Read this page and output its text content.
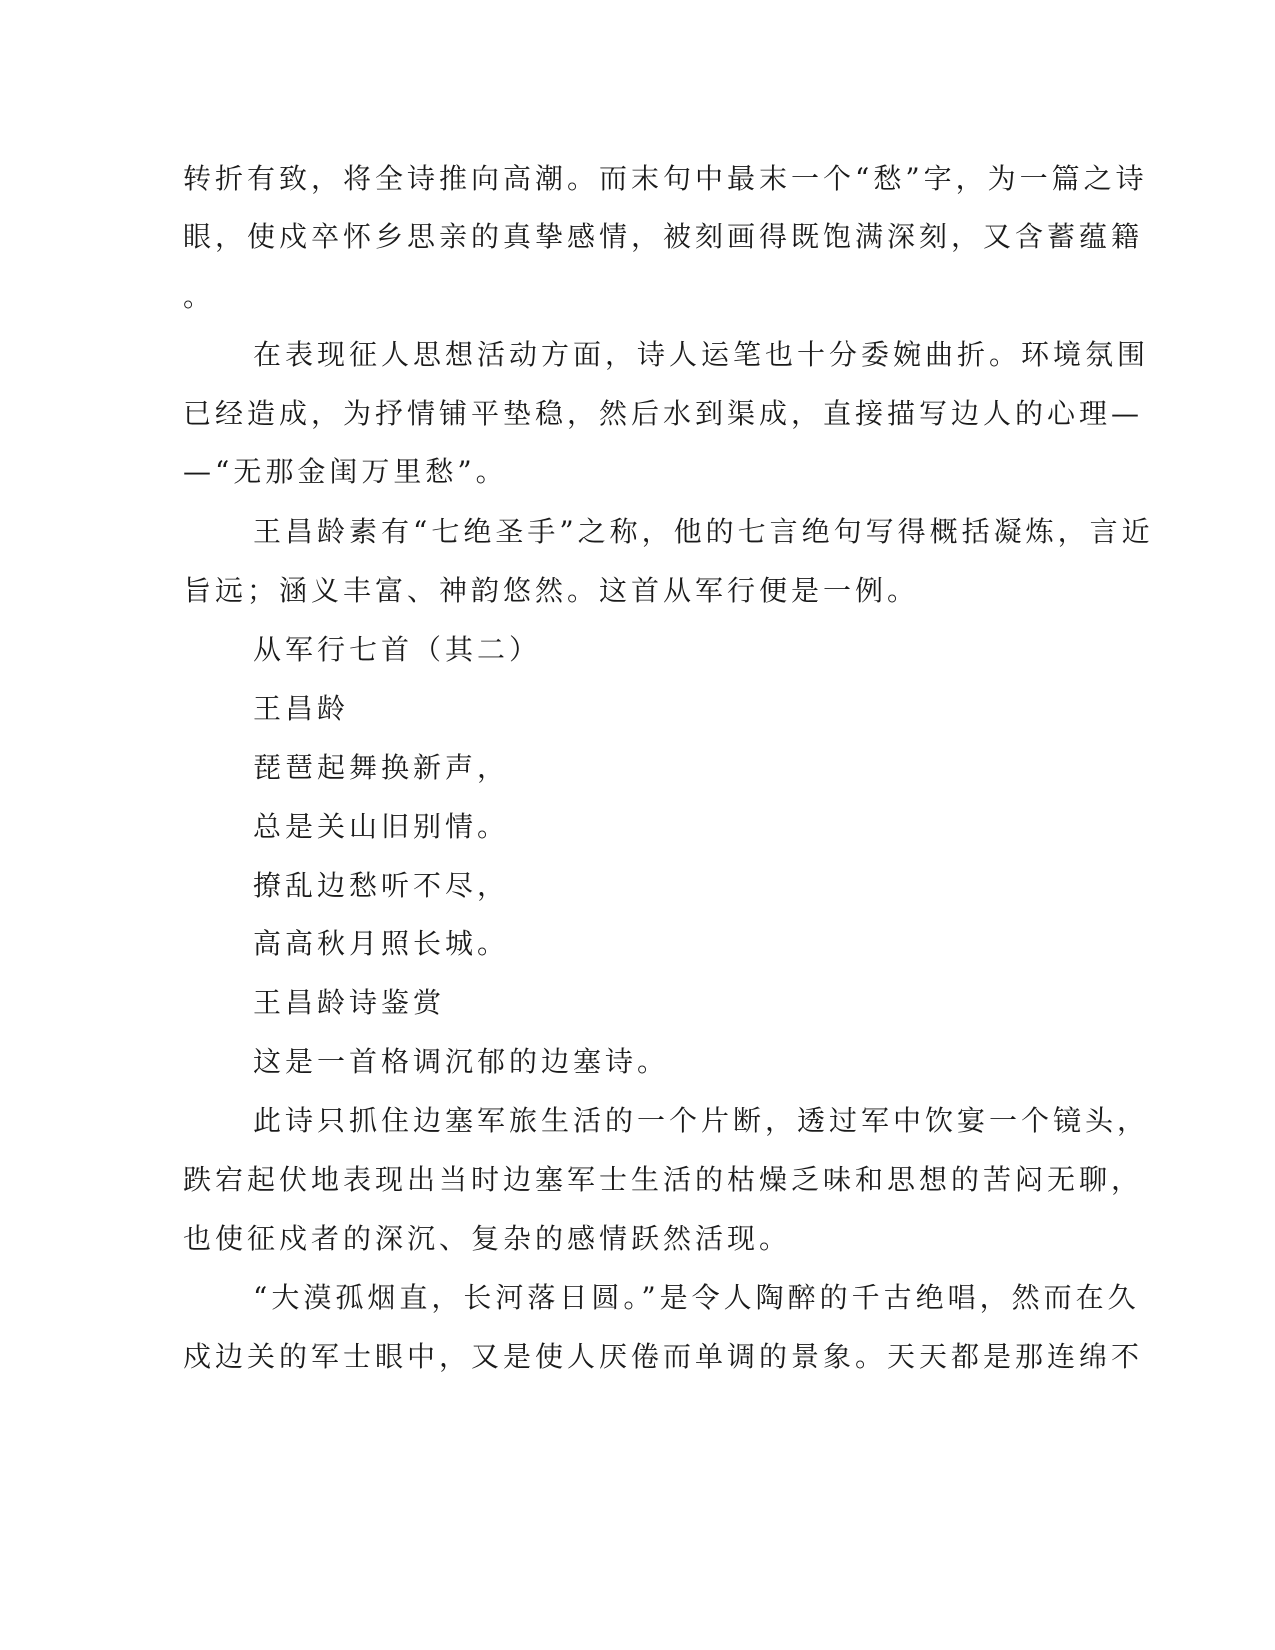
转折有致，将全诗推向高潮。而末句中最末一个“愁”字，为一篇之诗
眼，使戍卒怀乡思亲的真挚感情，被刻画得既饱满深刻，又含蓄蕴籍
。
在表现征人思想活动方面，诗人运笔也十分委婉曲折。环境氛围
已经造成，为抒情铺平垫稳，然后水到渠成，直接描写边人的心理—
—“无那金闺万里愁”。
王昌龄素有“七绝圣手”之称，他的七言绝句写得概括凝炼，言近
旨远；涵义丰富、神韵悠然。这首从军行便是一例。
从军行七首（其二）
王昌龄
琵琶起舞换新声，
总是关山旧别情。
撩乱边愁听不尽，
高高秋月照长城。
王昌龄诗鉴赏
这是一首格调沉郁的边塞诗。
此诗只抓住边塞军旅生活的一个片断，透过军中饮宴一个镜头，
跌宕起伏地表现出当时边塞军士生活的枯燥乏味和思想的苦闷无聊，
也使征戍者的深沉、复杂的感情跃然活现。
“大漠孤烟直，长河落日圆。”是令人陶醉的千古绝唱，然而在久
戍边关的军士眼中，又是使人厌倦而单调的景象。天天都是那连绵不
